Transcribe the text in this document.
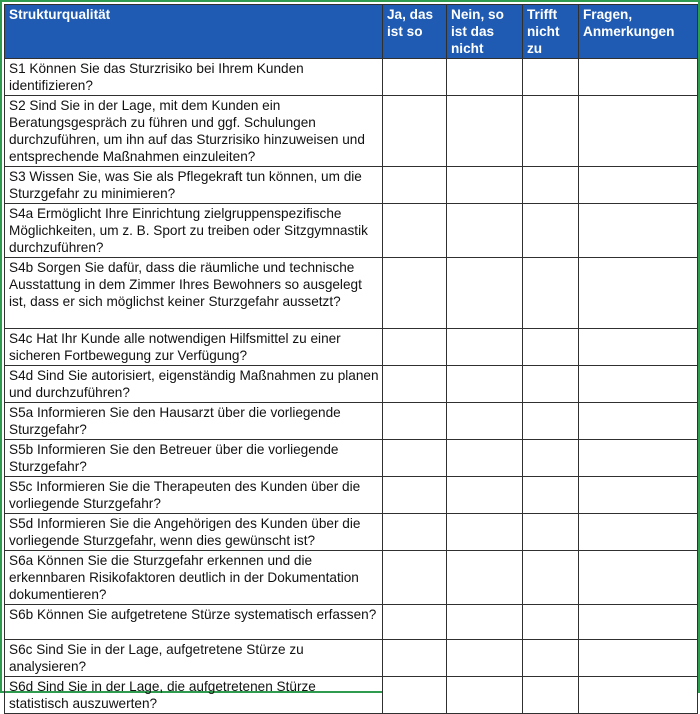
Strukturqualität	Ja, das ist so	Nein, so ist das nicht	Trifft nicht zu	Fragen, Anmerkungen
S1 Können Sie das Sturzrisiko bei Ihrem Kunden identifizieren?				
S2 Sind Sie in der Lage, mit dem Kunden ein Beratungsgespräch zu führen und ggf. Schulungen durchzuführen, um ihn auf das Sturzrisiko hinzuweisen und entsprechende Maßnahmen einzuleiten?				
S3 Wissen Sie, was Sie als Pflegekraft tun können, um die Sturzgefahr zu minimieren?				
S4a Ermöglicht Ihre Einrichtung zielgruppenspezifische Möglichkeiten, um z. B. Sport zu treiben oder Sitzgymnastik durchzuführen?				
S4b Sorgen Sie dafür, dass die räumliche und technische Ausstattung in dem Zimmer Ihres Bewohners so ausgelegt ist, dass er sich möglichst keiner Sturzgefahr aussetzt?				
S4c Hat Ihr Kunde alle notwendigen Hilfsmittel zu einer sicheren Fortbewegung zur Verfügung?				
S4d Sind Sie autorisiert, eigenständig Maßnahmen zu planen und durchzuführen?				
S5a Informieren Sie den Hausarzt über die vorliegende Sturzgefahr?				
S5b Informieren Sie den Betreuer über die vorliegende Sturzgefahr?				
S5c Informieren Sie die Therapeuten des Kunden über die vorliegende Sturzgefahr?				
S5d Informieren Sie die Angehörigen des Kunden über die vorliegende Sturzgefahr, wenn dies gewünscht ist?				
S6a Können Sie die Sturzgefahr erkennen und die erkennbaren Risikofaktoren deutlich in der Dokumentation dokumentieren?				
S6b Können Sie aufgetretene Stürze systematisch erfassen?				
S6c Sind Sie in der Lage, aufgetretene Stürze zu analysieren?				
S6d Sind Sie in der Lage, die aufgetretenen Stürze statistisch auszuwerten?				
